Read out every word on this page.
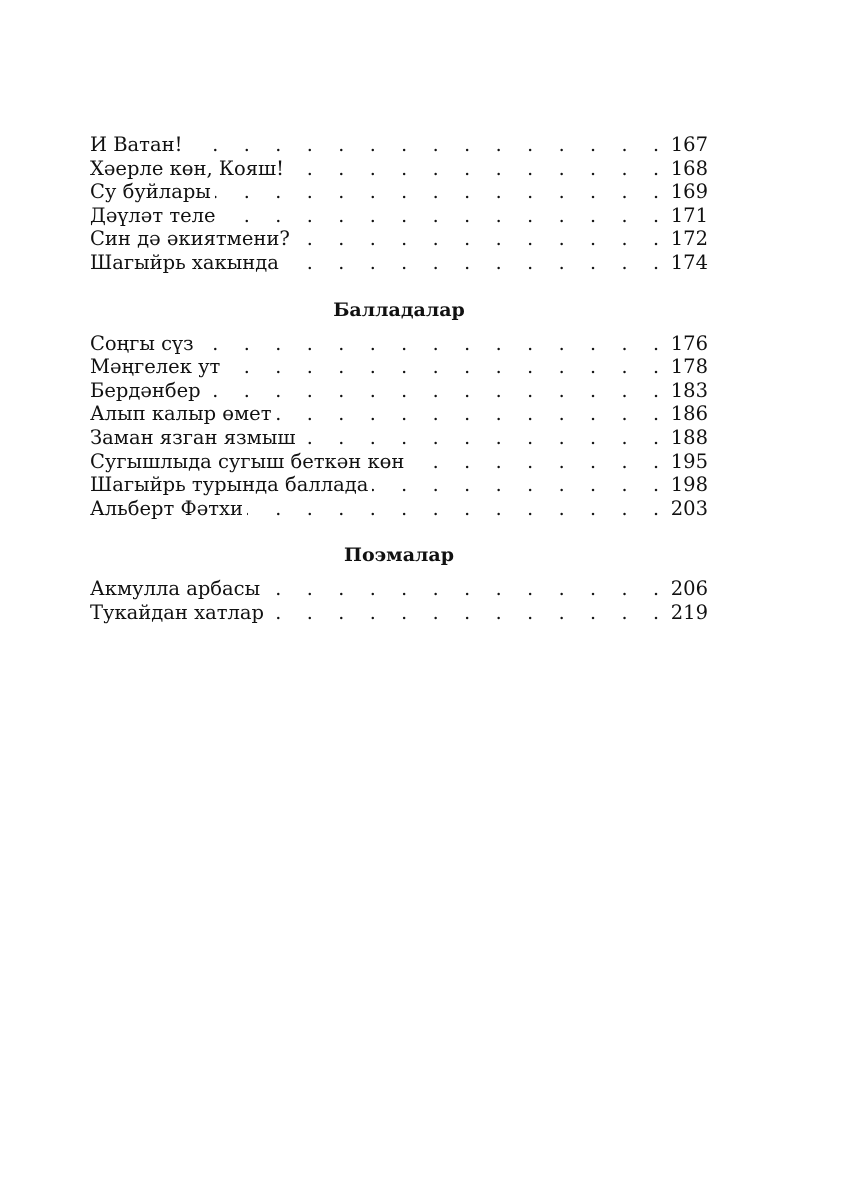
И Ватан! . . .	167
Хәерле көн, Кояш! . . .	168
Су буйлары . . .	169
Дәүләт теле . . .	171
Син дә әкиятмени? . . .	172
Шагыйрь хакында . . .	174
Балладалар
Соңгы сүз . . .	176
Мәңгелек ут . . .	178
Бердәнбер . . .	183
Алып калыр өмет . . .	186
Заман язган язмыш . . .	188
Сугышлыда сугыш беткән көн . . .	195
Шагыйрь турында баллада . . .	198
Альберт Фәтхи . . .	203
Поэмалар
Акмулла арбасы . . .	206
Тукайдан хатлар . . .	219
